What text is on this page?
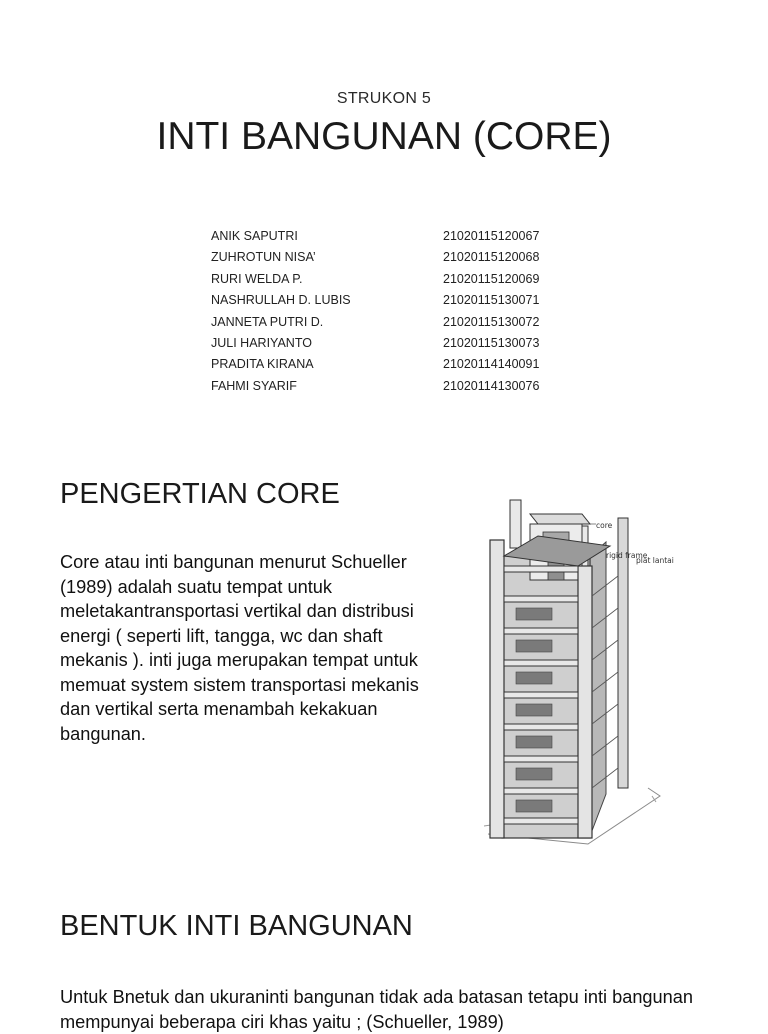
STRUKON 5
INTI BANGUNAN (CORE)
ANIK SAPUTRI	21020115120067
ZUHROTUN NISA’	21020115120068
RURI WELDA P.	21020115120069
NASHRULLAH D. LUBIS	21020115130071
JANNETA PUTRI D.	21020115130072
JULI HARIYANTO	21020115130073
PRADITA KIRANA	21020114140091
FAHMI SYARIF	21020114130076
PENGERTIAN CORE
Core atau inti bangunan menurut Schueller (1989) adalah suatu tempat untuk meletakantransportasi vertikal dan distribusi energi ( seperti lift, tangga, wc dan shaft mekanis ). inti juga merupakan tempat untuk memuat system sistem transportasi mekanis dan vertikal serta menambah kekakuan bangunan.
core
rigid frame
plat lantai
BENTUK INTI BANGUNAN
Untuk Bnetuk dan ukuraninti bangunan tidak ada batasan tetapu inti bangunan mempunyai beberapa ciri khas yaitu ; (Schueller, 1989)
